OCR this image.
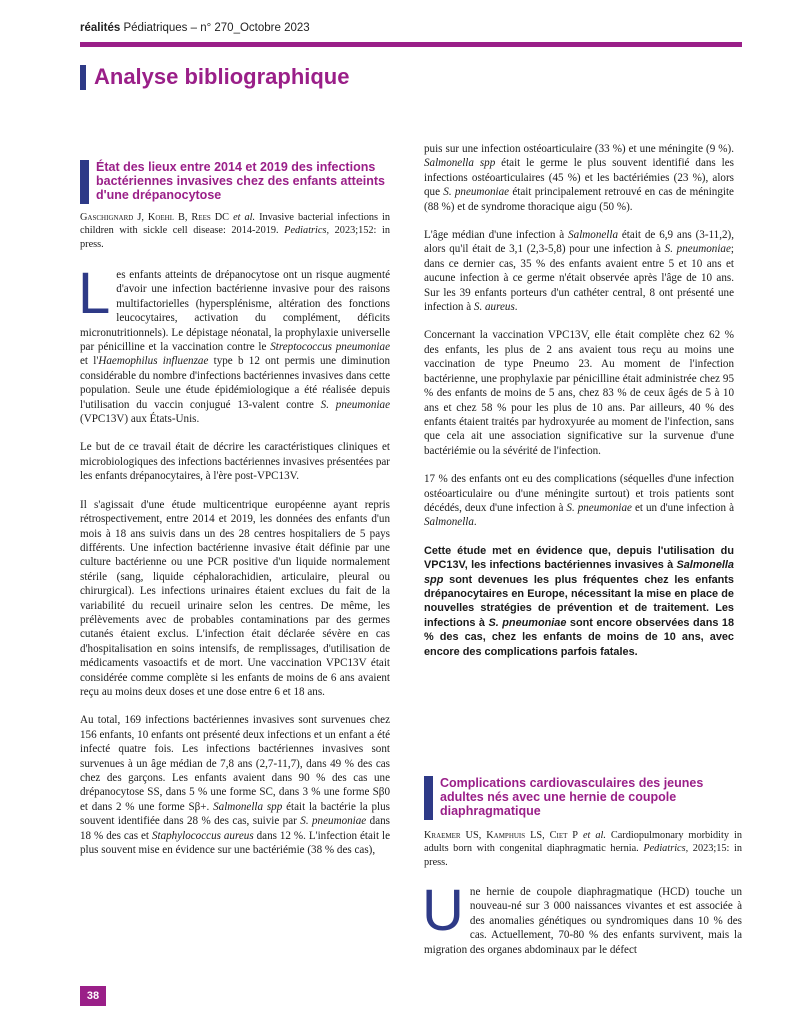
réalités Pédiatriques – n° 270_Octobre 2023
Analyse bibliographique
État des lieux entre 2014 et 2019 des infections bactériennes invasives chez des enfants atteints d'une drépanocytose
Gaschignard J, Koehl B, Rees DC et al. Invasive bacterial infections in children with sickle cell disease: 2014-2019. Pediatrics, 2023;152: in press.

Les enfants atteints de drépanocytose ont un risque augmenté d'avoir une infection bactérienne invasive pour des raisons multifactorielles (hypersplénisme, altération des fonctions leucocytaires, activation du complément, déficits micronutritionnels). Le dépistage néonatal, la prophylaxie universelle par pénicilline et la vaccination contre le Streptococcus pneumoniae et l'Haemophilus influenzae type b 12 ont permis une diminution considérable du nombre d'infections bactériennes invasives dans cette population. Seule une étude épidémiologique a été réalisée depuis l'utilisation du vaccin conjugué 13-valent contre S. pneumoniae (VPC13V) aux États-Unis.

Le but de ce travail était de décrire les caractéristiques cliniques et microbiologiques des infections bactériennes invasives présentées par les enfants drépanocytaires, à l'ère post-VPC13V.

Il s'agissait d'une étude multicentrique européenne ayant repris rétrospectivement, entre 2014 et 2019, les données des enfants d'un mois à 18 ans suivis dans un des 28 centres hospitaliers de 5 pays différents. Une infection bactérienne invasive était définie par une culture bactérienne ou une PCR positive d'un liquide normalement stérile (sang, liquide céphalorachidien, articulaire, pleural ou chirurgical). Les infections urinaires étaient exclues du fait de la variabilité du recueil urinaire selon les centres. De même, les prélèvements avec de probables contaminations par des germes cutanés étaient exclus. L'infection était déclarée sévère en cas d'hospitalisation en soins intensifs, de remplissages, d'utilisation de médicaments vasoactifs et de mort. Une vaccination VPC13V était considérée comme complète si les enfants de moins de 6 ans avaient reçu au moins deux doses et une dose entre 6 et 18 ans.

Au total, 169 infections bactériennes invasives sont survenues chez 156 enfants, 10 enfants ont présenté deux infections et un enfant a été infecté quatre fois. Les infections bactériennes invasives sont survenues à un âge médian de 7,8 ans (2,7-11,7), dans 49 % des cas chez des garçons. Les enfants avaient dans 90 % des cas une drépanocytose SS, dans 5 % une forme SC, dans 3 % une forme Sβ0 et dans 2 % une forme Sβ+. Salmonella spp était la bactérie la plus souvent identifiée dans 28 % des cas, suivie par S. pneumoniae dans 18 % des cas et Staphylococcus aureus dans 12 %. L'infection était le plus souvent mise en évidence sur une bactériémie (38 % des cas),

puis sur une infection ostéoarticulaire (33 %) et une méningite (9 %). Salmonella spp était le germe le plus souvent identifié dans les infections ostéoarticulaires (45 %) et les bactériémies (23 %), alors que S. pneumoniae était principalement retrouvé en cas de méningite (88 %) et de syndrome thoracique aigu (50 %).

L'âge médian d'une infection à Salmonella était de 6,9 ans (3-11,2), alors qu'il était de 3,1 (2,3-5,8) pour une infection à S. pneumoniae; dans ce dernier cas, 35 % des enfants avaient entre 5 et 10 ans et aucune infection à ce germe n'était observée après l'âge de 10 ans. Sur les 39 enfants porteurs d'un cathéter central, 8 ont présenté une infection à S. aureus.

Concernant la vaccination VPC13V, elle était complète chez 62 % des enfants, les plus de 2 ans avaient tous reçu au moins une vaccination de type Pneumo 23. Au moment de l'infection bactérienne, une prophylaxie par pénicilline était administrée chez 95 % des enfants de moins de 5 ans, chez 83 % de ceux âgés de 5 à 10 ans et chez 58 % pour les plus de 10 ans. Par ailleurs, 40 % des enfants étaient traités par hydroxyurée au moment de l'infection, sans que cela ait une association significative sur la survenue d'une bactériémie ou la sévérité de l'infection.

17 % des enfants ont eu des complications (séquelles d'une infection ostéoarticulaire ou d'une méningite surtout) et trois patients sont décédés, deux d'une infection à S. pneumoniae et un d'une infection à Salmonella.

Cette étude met en évidence que, depuis l'utilisation du VPC13V, les infections bactériennes invasives à Salmonella spp sont devenues les plus fréquentes chez les enfants drépanocytaires en Europe, nécessitant la mise en place de nouvelles stratégies de prévention et de traitement. Les infections à S. pneumoniae sont encore observées dans 18 % des cas, chez les enfants de moins de 10 ans, avec encore des complications parfois fatales.

Complications cardiovasculaires des jeunes adultes nés avec une hernie de coupole diaphragmatique
Kraemer US, Kamphuis LS, Ciet P et al. Cardiopulmonary morbidity in adults born with congenital diaphragmatic hernia. Pediatrics, 2023;15: in press.

Une hernie de coupole diaphragmatique (HCD) touche un nouveau-né sur 3 000 naissances vivantes et est associée à des anomalies génétiques ou syndromiques dans 10 % des cas. Actuellement, 70-80 % des enfants survivent, mais la migration des organes abdominaux par le défect

38
